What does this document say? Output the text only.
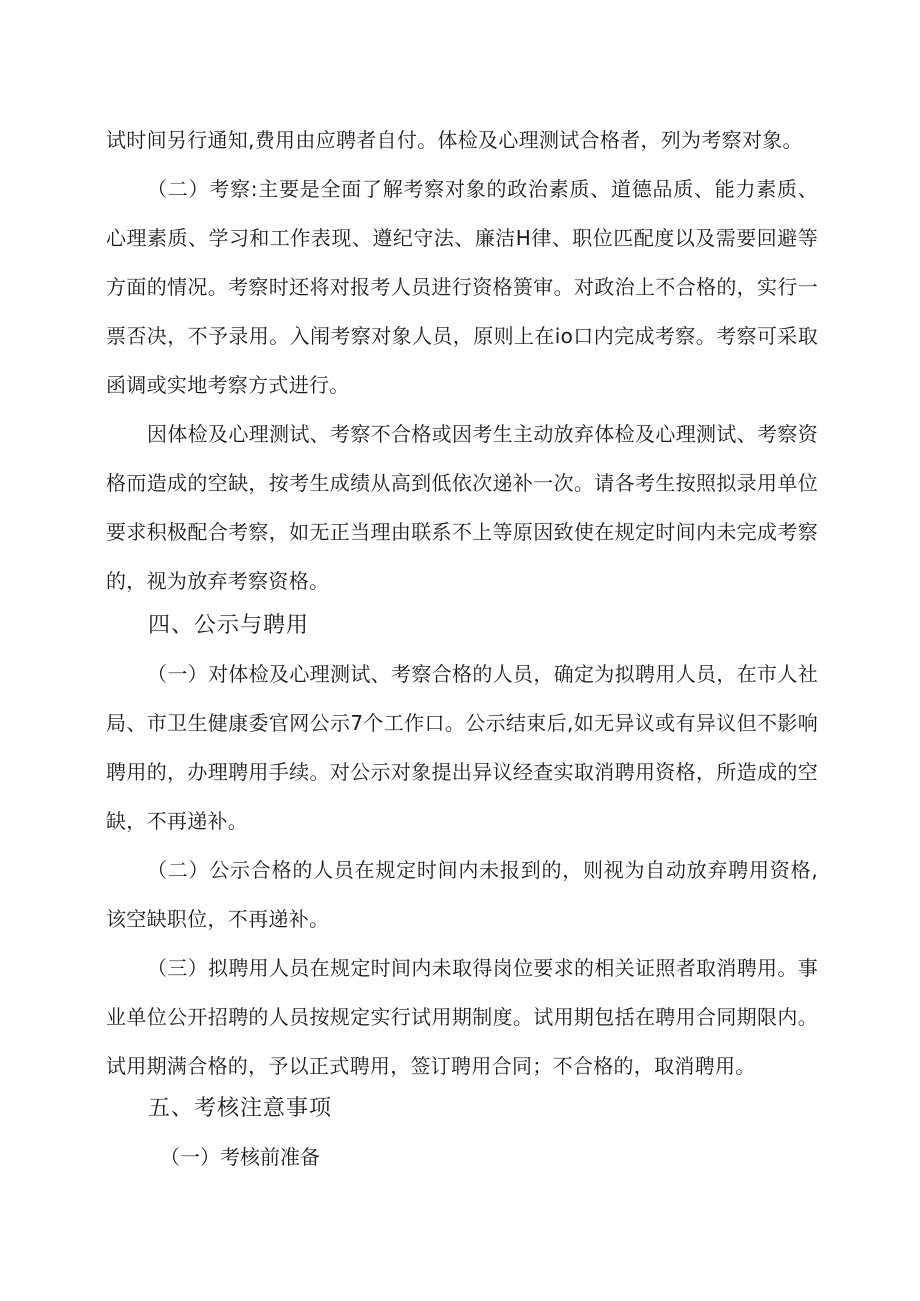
试时间另行通知,费用由应聘者自付。体检及心理测试合格者，列为考察对象。

（二）考察:主要是全面了解考察对象的政治素质、道德品质、能力素质、心理素质、学习和工作表现、遵纪守法、廉洁H律、职位匹配度以及需要回避等方面的情况。考察时还将对报考人员进行资格篑审。对政治上不合格的，实行一票否决，不予录用。入闱考察对象人员，原则上在io口内完成考察。考察可采取函调或实地考察方式进行。

因体检及心理测试、考察不合格或因考生主动放弃体检及心理测试、考察资格而造成的空缺，按考生成绩从高到低依次递补一次。请各考生按照拟录用单位要求积极配合考察，如无正当理由联系不上等原因致使在规定时间内未完成考察的，视为放弃考察资格。

四、公示与聘用

（一）对体检及心理测试、考察合格的人员，确定为拟聘用人员，在市人社局、市卫生健康委官网公示7个工作口。公示结束后,如无异议或有异议但不影响聘用的，办理聘用手续。对公示对象提出异议经查实取消聘用资格，所造成的空缺，不再递补。

（二）公示合格的人员在规定时间内未报到的，则视为自动放弃聘用资格,该空缺职位，不再递补。

（三）拟聘用人员在规定时间内未取得岗位要求的相关证照者取消聘用。事业单位公开招聘的人员按规定实行试用期制度。试用期包括在聘用合同期限内。试用期满合格的，予以正式聘用，签订聘用合同；不合格的，取消聘用。

五、考核注意事项

（一）考核前准备
